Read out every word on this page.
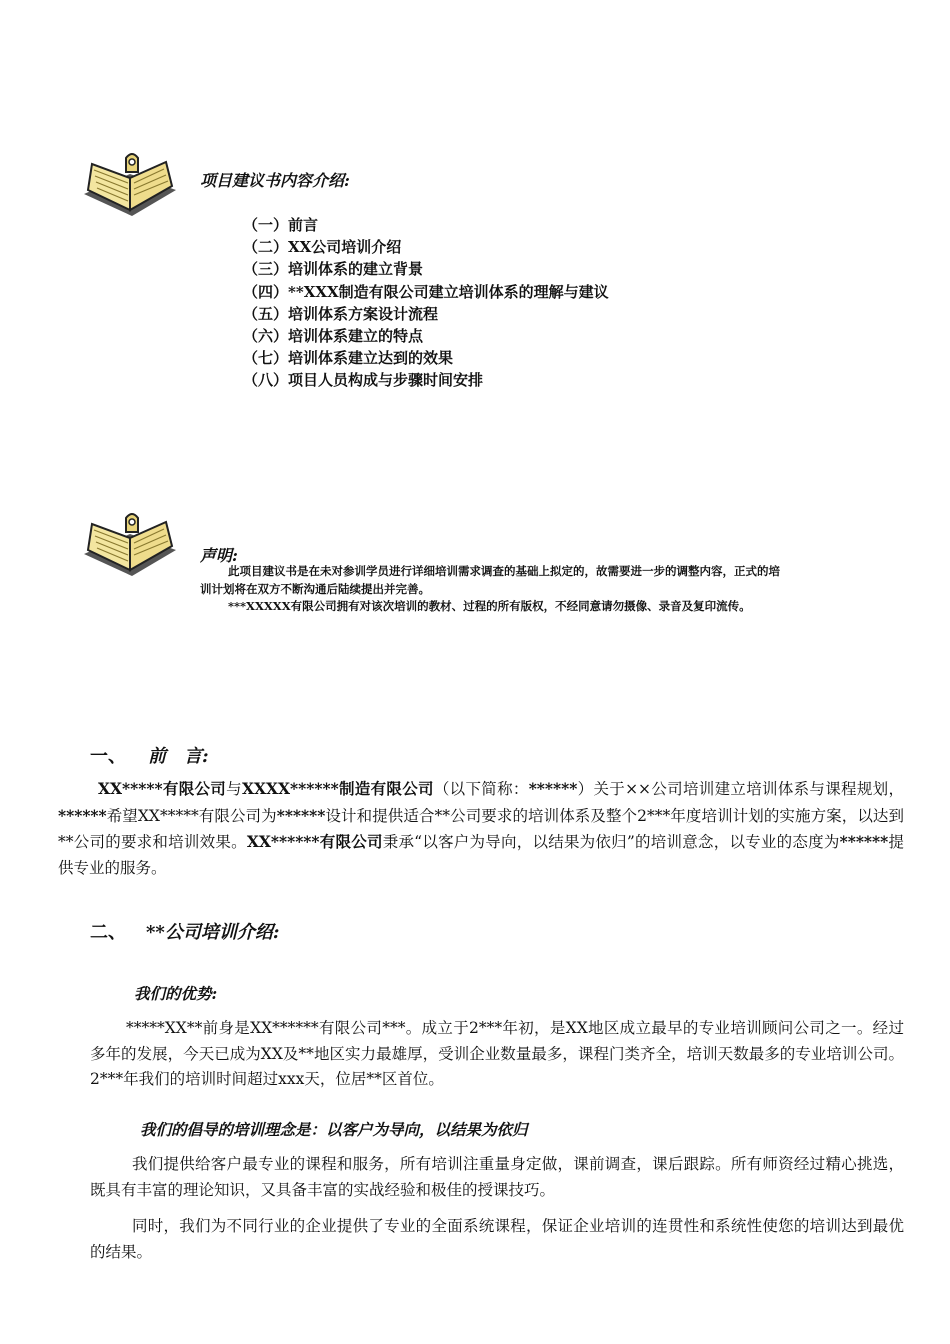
项目建议书内容介绍:
（一）前言
（二）XX公司培训介绍
（三）培训体系的建立背景
（四）**XXX制造有限公司建立培训体系的理解与建议
（五）培训体系方案设计流程
（六）培训体系建立的特点
（七）培训体系建立达到的效果
（八）项目人员构成与步骤时间安排
声明:

此项目建议书是在未对参训学员进行详细培训需求调查的基础上拟定的，故需要进一步的调整内容，正式的培训计划将在双方不断沟通后陆续提出并完善。

***XXXXX有限公司拥有对该次培训的教材、过程的所有版权，不经同意请勿摄像、录音及复印流传。

一、 前　言:

XX*****有限公司与XXXX******制造有限公司（以下简称：******）关于××公司培训建立培训体系与课程规划，******希望XX*****有限公司为******设计和提供适合**公司要求的培训体系及整个2***年度培训计划的实施方案，以达到**公司的要求和培训效果。XX******有限公司秉承“以客户为导向，以结果为依归”的培训意念，以专业的态度为******提供专业的服务。

二、 **公司培训介绍:
我们的优势:

*****XX**前身是XX******有限公司***。成立于2***年初，是XX地区成立最早的专业培训顾问公司之一。经过多年的发展，今天已成为XX及**地区实力最雄厚，受训企业数量最多，课程门类齐全，培训天数最多的专业培训公司。2***年我们的培训时间超过xxx天，位居**区首位。

我们的倡导的培训理念是：以客户为导向，以结果为依归

我们提供给客户最专业的课程和服务，所有培训注重量身定做，课前调查，课后跟踪。所有师资经过精心挑选，既具有丰富的理论知识，又具备丰富的实战经验和极佳的授课技巧。

同时，我们为不同行业的企业提供了专业的全面系统课程，保证企业培训的连贯性和系统性使您的培训达到最优的结果。
